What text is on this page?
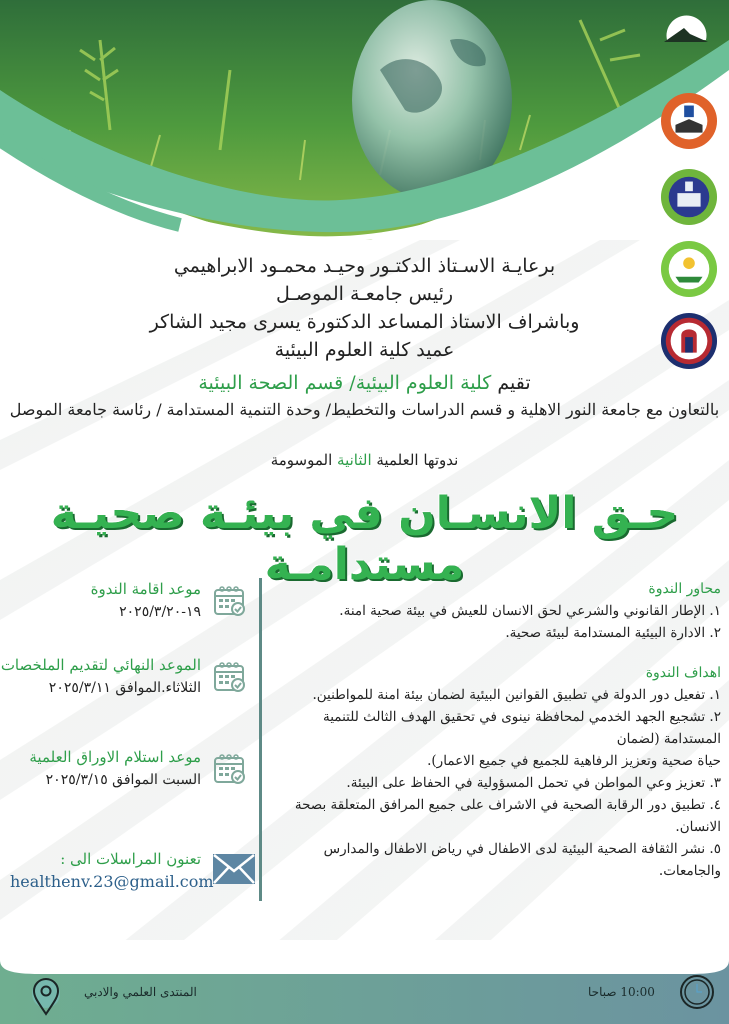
برعايـة الاسـتاذ الدكتـور وحيـد محمـود الابراهيمي
رئيس جامعـة الموصـل
وباشراف الاستاذ المساعد الدكتورة يسرى مجيد الشاكر
عميد كلية العلوم البيئية
تقيم كلية العلوم البيئية/ قسم الصحة البيئية
بالتعاون مع جامعة النور الاهلية و قسم الدراسات والتخطيط/ وحدة التنمية المستدامة / رئاسة جامعة الموصل
ندوتها العلمية الثانية الموسومة
حـق الانسـان في بيئـة صحيـة مستدامـة	محاور الندوة
١. الإطار القانوني والشرعي لحق الانسان للعيش في بيئة صحية امنة.
٢. الادارة البيئية المستدامة لبيئة صحية.
اهداف الندوة
١. تفعيل دور الدولة في تطبيق القوانين البيئية لضمان بيئة امنة للمواطنين.
٢. تشجيع الجهد الخدمي لمحافظة نينوى في تحقيق الهدف الثالث للتنمية المستدامة (لضمان
حياة صحية وتعزيز الرفاهية للجميع في جميع الاعمار).
٣. تعزيز وعي المواطن في تحمل المسؤولية في الحفاظ على البيئة.
٤. تطبيق دور الرقابة الصحية في الاشراف على جميع المرافق المتعلقة بصحة الانسان.
٥. نشر الثقافة الصحية البيئية لدى الاطفال في رياض الاطفال والمدارس والجامعات.
موعد اقامة الندوة
١٩-٢٠٢٥/٣/٢٠
الموعد النهائي لتقديم الملخصات
الثلاثاء.الموافق ٢٠٢٥/٣/١١
موعد استلام الاوراق العلمية
السبت الموافق ٢٠٢٥/٣/١٥
تعنون المراسلات الى :
healthenv.23@gmail.com
المنتدى العلمي والادبي	10:00 صباحا
